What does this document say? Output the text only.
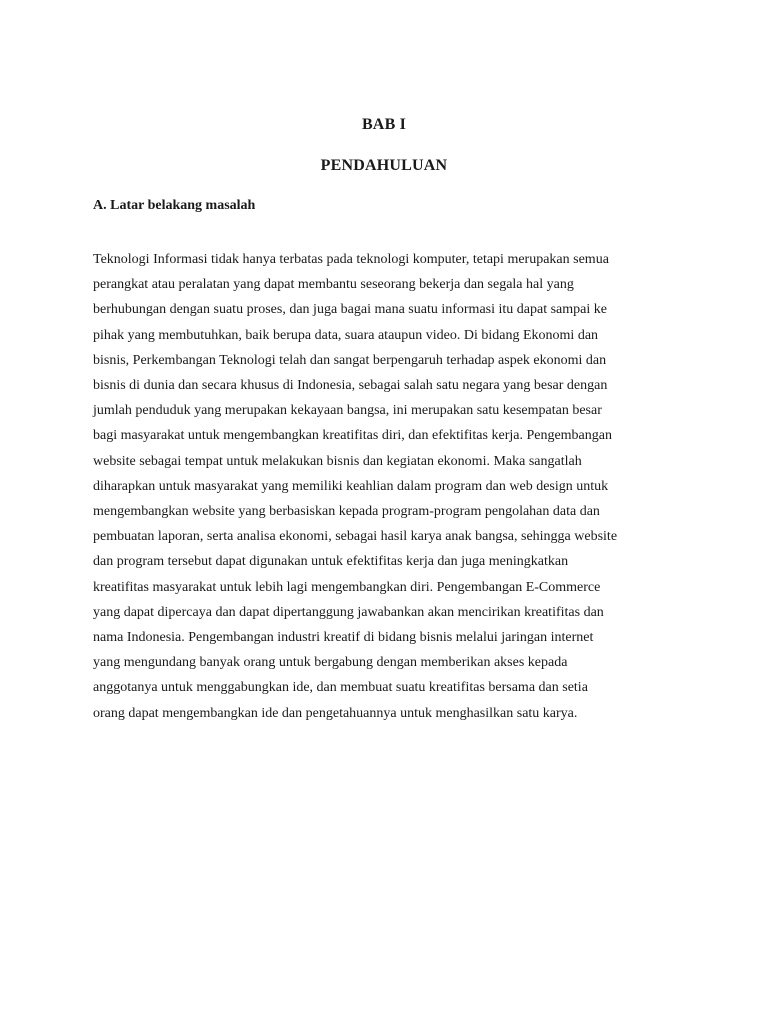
BAB I
PENDAHULUAN
A. Latar belakang masalah

Teknologi Informasi tidak hanya terbatas pada teknologi komputer, tetapi merupakan semua
perangkat atau peralatan yang dapat membantu seseorang bekerja dan segala hal yang
berhubungan dengan suatu proses, dan juga bagai mana suatu informasi itu dapat sampai ke
pihak yang membutuhkan, baik berupa data, suara ataupun video. Di bidang Ekonomi dan
bisnis, Perkembangan Teknologi telah dan sangat berpengaruh terhadap aspek ekonomi dan
bisnis di dunia dan secara khusus di Indonesia, sebagai salah satu negara yang besar dengan
jumlah penduduk yang merupakan kekayaan bangsa, ini merupakan satu kesempatan besar
bagi masyarakat untuk mengembangkan kreatifitas diri, dan efektifitas kerja. Pengembangan
website sebagai tempat untuk melakukan bisnis dan kegiatan ekonomi. Maka sangatlah
diharapkan untuk masyarakat yang memiliki keahlian dalam program dan web design untuk
mengembangkan website yang berbasiskan kepada program-program pengolahan data dan
pembuatan laporan, serta analisa ekonomi, sebagai hasil karya anak bangsa, sehingga website
dan program tersebut dapat digunakan untuk efektifitas kerja dan juga meningkatkan
kreatifitas masyarakat untuk lebih lagi mengembangkan diri. Pengembangan E-Commerce
yang dapat dipercaya dan dapat dipertanggung jawabankan akan mencirikan kreatifitas dan
nama Indonesia. Pengembangan industri kreatif di bidang bisnis melalui jaringan internet
yang mengundang banyak orang untuk bergabung dengan memberikan akses kepada
anggotanya untuk menggabungkan ide, dan membuat suatu kreatifitas bersama dan setia
orang dapat mengembangkan ide dan pengetahuannya untuk menghasilkan satu karya.
